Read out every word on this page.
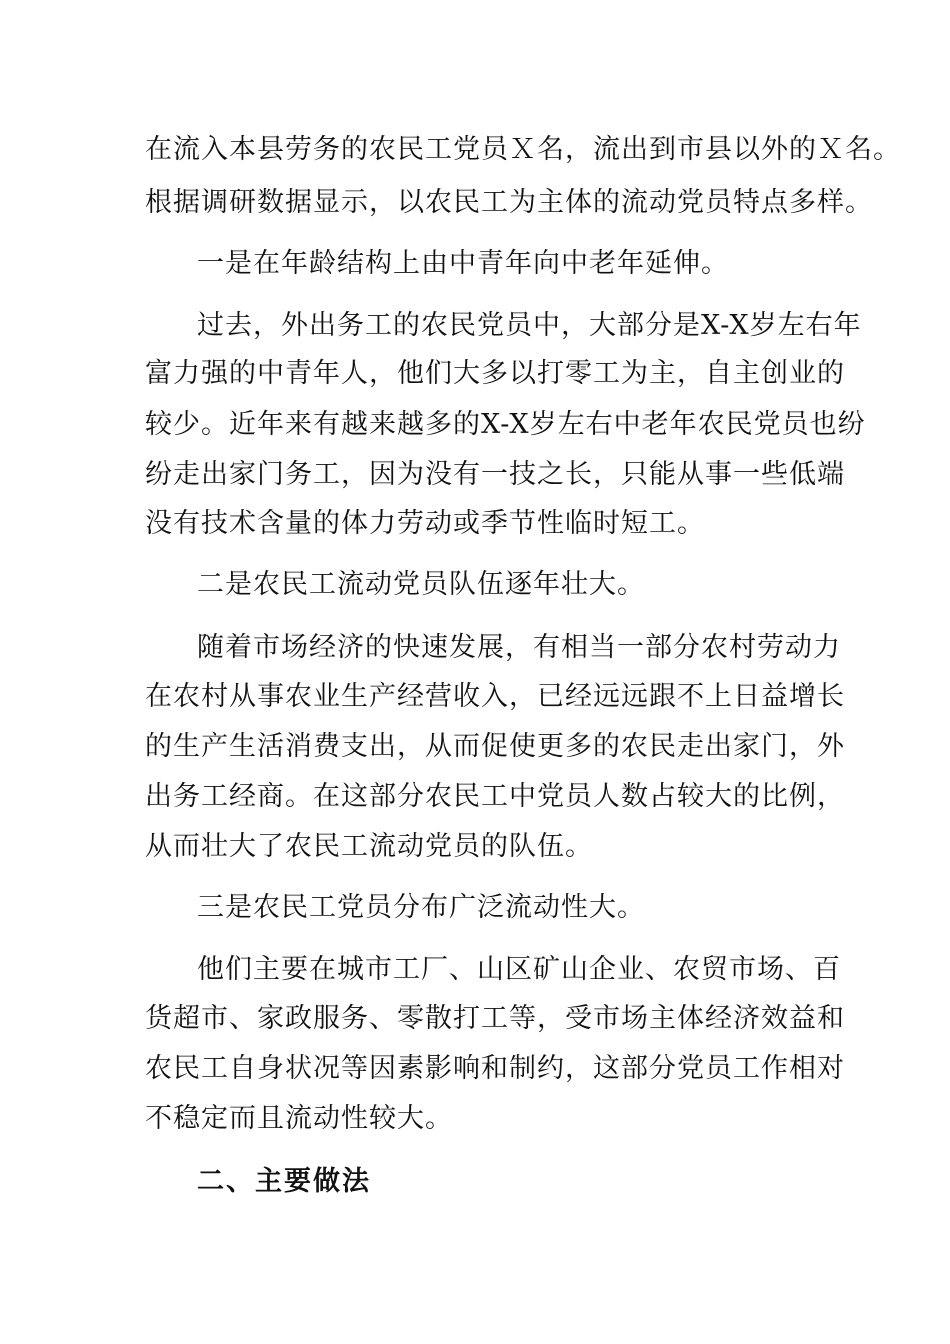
在流入本县劳务的农民工党员Ｘ名，流出到市县以外的Ｘ名。
根据调研数据显示，以农民工为主体的流动党员特点多样。
一是在年龄结构上由中青年向中老年延伸。
过去，外出务工的农民党员中，大部分是X-X岁左右年
富力强的中青年人，他们大多以打零工为主，自主创业的
较少。近年来有越来越多的X-X岁左右中老年农民党员也纷
纷走出家门务工，因为没有一技之长，只能从事一些低端
没有技术含量的体力劳动或季节性临时短工。
二是农民工流动党员队伍逐年壮大。
随着市场经济的快速发展，有相当一部分农村劳动力
在农村从事农业生产经营收入，已经远远跟不上日益增长
的生产生活消费支出，从而促使更多的农民走出家门，外
出务工经商。在这部分农民工中党员人数占较大的比例，
从而壮大了农民工流动党员的队伍。
三是农民工党员分布广泛流动性大。
他们主要在城市工厂、山区矿山企业、农贸市场、百
货超市、家政服务、零散打工等，受市场主体经济效益和
农民工自身状况等因素影响和制约，这部分党员工作相对
不稳定而且流动性较大。
二、主要做法
